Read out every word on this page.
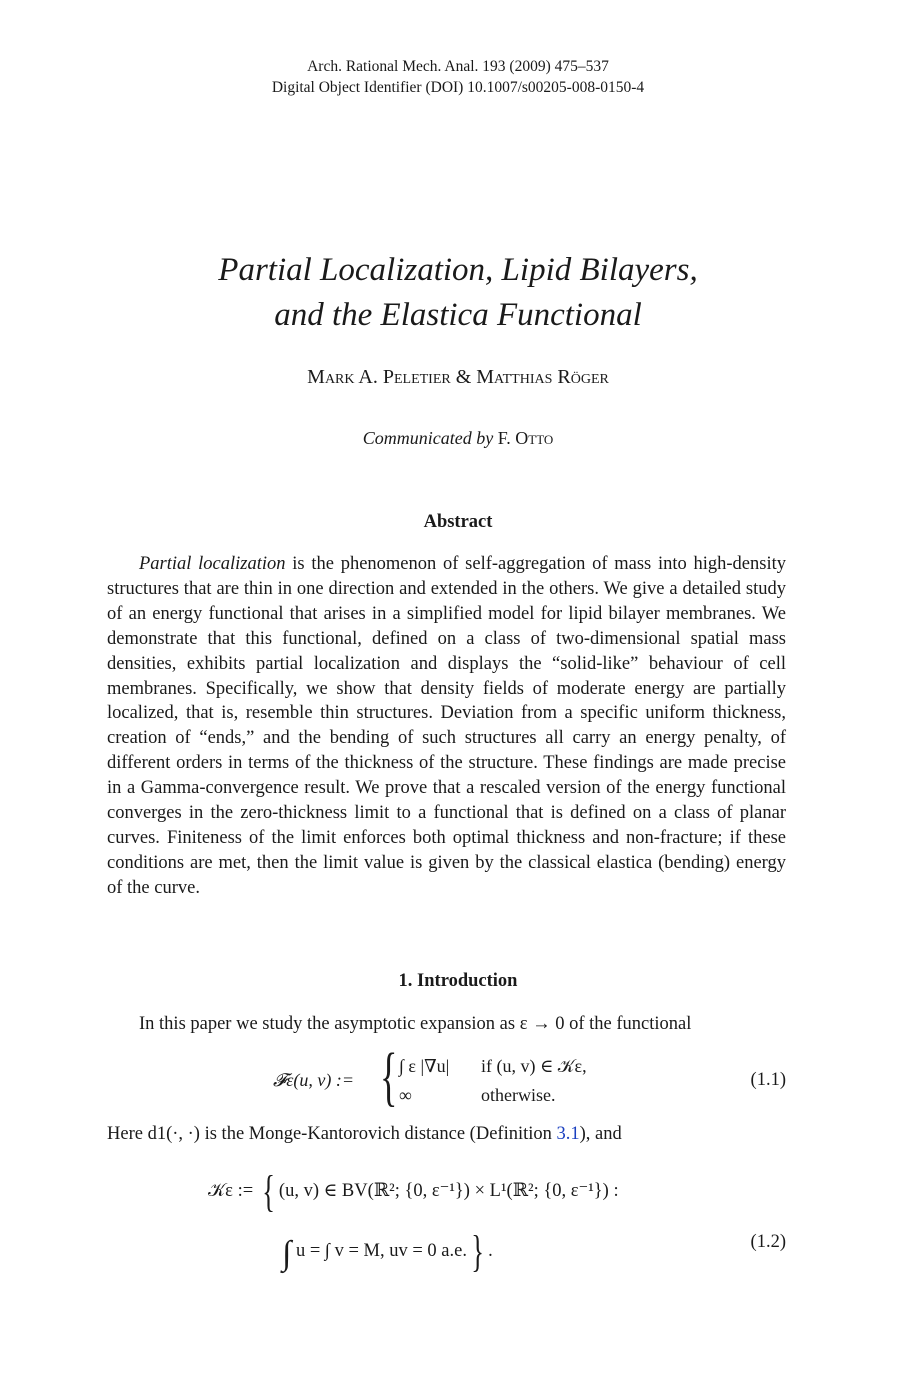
Arch. Rational Mech. Anal. 193 (2009) 475–537
Digital Object Identifier (DOI) 10.1007/s00205-008-0150-4
Partial Localization, Lipid Bilayers,
and the Elastica Functional
Mark A. Peletier & Matthias Röger
Communicated by F. Otto
Abstract

Partial localization is the phenomenon of self-aggregation of mass into high-density structures that are thin in one direction and extended in the others. We give a detailed study of an energy functional that arises in a simplified model for lipid bilayer membranes. We demonstrate that this functional, defined on a class of two-dimensional spatial mass densities, exhibits partial localization and displays the “solid-like” behaviour of cell membranes. Specifically, we show that density fields of moderate energy are partially localized, that is, resemble thin structures. Deviation from a specific uniform thickness, creation of “ends,” and the bending of such structures all carry an energy penalty, of different orders in terms of the thickness of the structure. These findings are made precise in a Gamma-convergence result. We prove that a rescaled version of the energy functional converges in the zero-thickness limit to a functional that is defined on a class of planar curves. Finiteness of the limit enforces both optimal thickness and non-fracture; if these conditions are met, then the limit value is given by the classical elastica (bending) energy of the curve.

1. Introduction
In this paper we study the asymptotic expansion as ε → 0 of the functional
𝓕ε(u, v) := { ∫ ε |∇u| if (u, v) ∈ 𝒦ε,
∞	otherwise.
(1.1)
Here d1(·, ·) is the Monge-Kantorovich distance (Definition 3.1), and
𝒦ε := { (u, v) ∈ BV(ℝ²; {0, ε⁻¹}) × L¹(ℝ²; {0, ε⁻¹}) :
∫ u = ∫ v = M, uv = 0 a.e.} .	(1.2)
